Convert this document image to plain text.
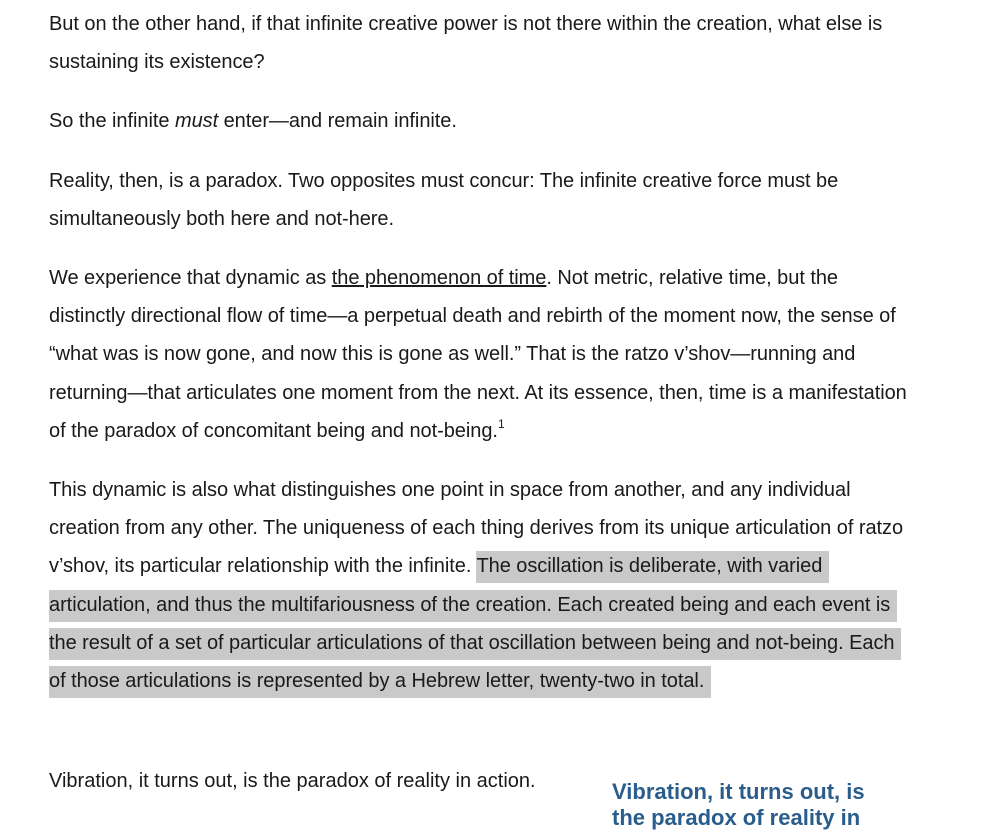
But on the other hand, if that infinite creative power is not there within the creation, what else is sustaining its existence?

So the infinite must enter—and remain infinite.

Reality, then, is a paradox. Two opposites must concur: The infinite creative force must be simultaneously both here and not-here.

We experience that dynamic as the phenomenon of time. Not metric, relative time, but the distinctly directional flow of time—a perpetual death and rebirth of the moment now, the sense of “what was is now gone, and now this is gone as well.” That is the ratzo v’shov—running and returning—that articulates one moment from the next. At its essence, then, time is a manifestation of the paradox of concomitant being and not-being.$^1$

This dynamic is also what distinguishes one point in space from another, and any individual creation from any other. The uniqueness of each thing derives from its unique articulation of ratzo v’shov, its particular relationship with the infinite. The oscillation is deliberate, with varied articulation, and thus the multifariousness of the creation. Each created being and each event is the result of a set of particular articulations of that oscillation between being and not-being. Each of those articulations is represented by a Hebrew letter, twenty-two in total.

Vibration, it turns out, is the paradox of reality in action.	Vibration, it turns out, is the paradox of reality in
